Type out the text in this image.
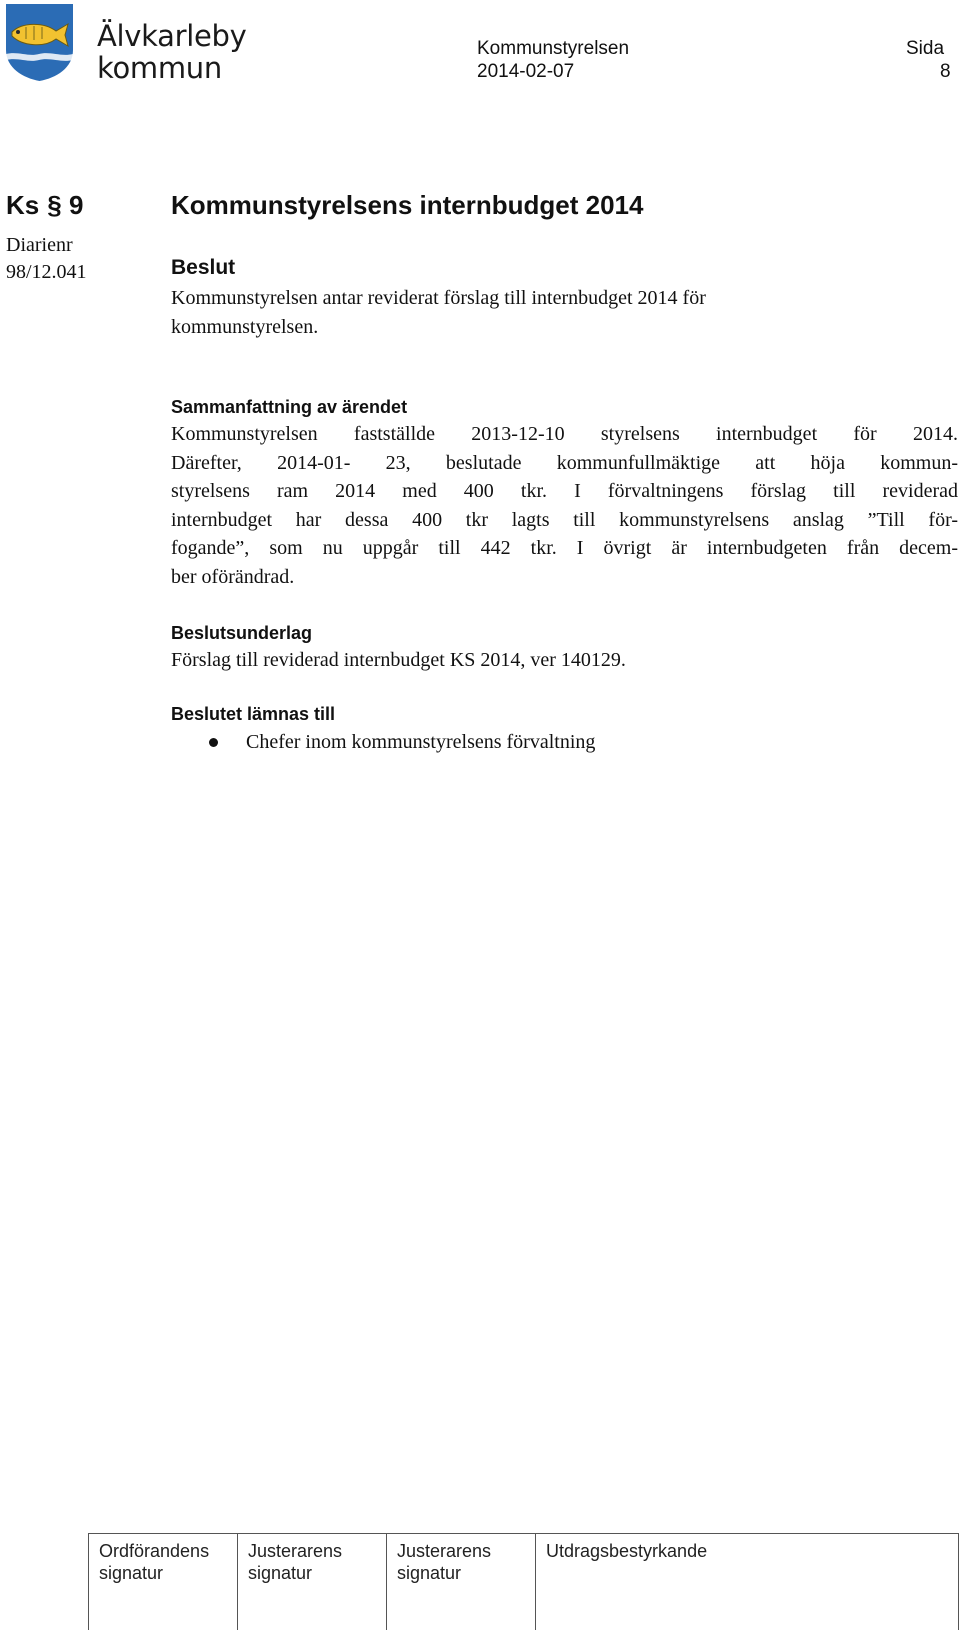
Älvkarleby
kommun
Kommunstyrelsen
2014-02-07
Sida
8
Ks § 9	Kommunstyrelsens internbudget 2014
Diarienr
98/12.041	Beslut
Kommunstyrelsen antar reviderat förslag till internbudget 2014 för
kommunstyrelsen.
Sammanfattning av ärendet
Kommunstyrelsen fastställde 2013-12-10 styrelsens internbudget för 2014.
Därefter, 2014-01- 23, beslutade kommunfullmäktige att höja kommun-
styrelsens ram 2014 med 400 tkr. I förvaltningens förslag till reviderad
internbudget har dessa 400 tkr lagts till kommunstyrelsens anslag ”Till för-
fogande”, som nu uppgår till 442 tkr. I övrigt är internbudgeten från decem-
ber oförändrad.
Beslutsunderlag
Förslag till reviderad internbudget KS 2014, ver 140129.
Beslutet lämnas till
Chefer inom kommunstyrelsens förvaltning
Ordförandens
signatur
Justerarens
signatur
Justerarens
signatur
Utdragsbestyrkande
